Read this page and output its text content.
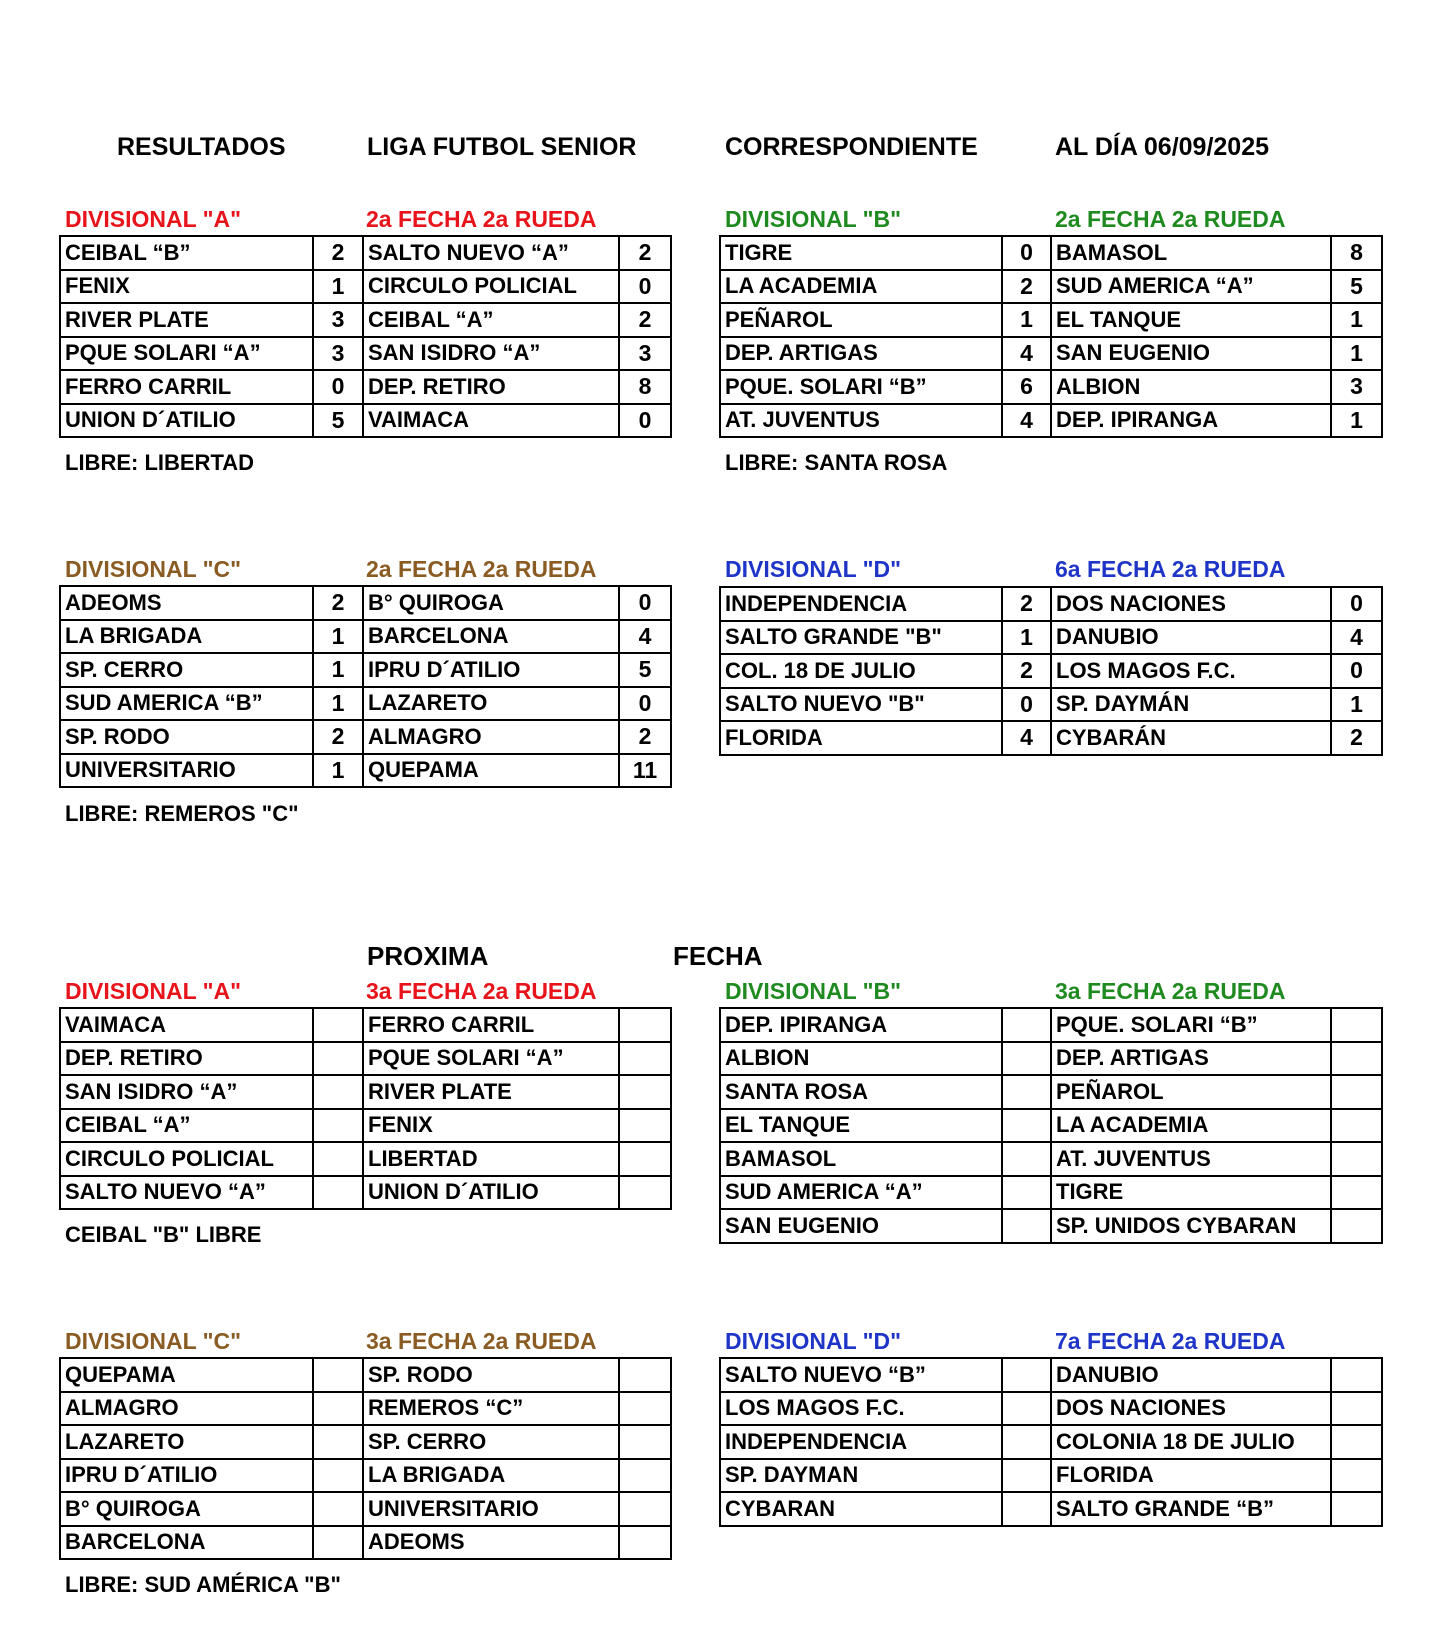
RESULTADOS	LIGA FUTBOL SENIOR	CORRESPONDIENTE	AL DÍA 06/09/2025
DIVISIONAL "A"	2a FECHA 2a RUEDA
CEIBAL “B”	2	SALTO NUEVO “A”	2
FENIX	1	CIRCULO POLICIAL	0
RIVER PLATE	3	CEIBAL “A”	2
PQUE SOLARI “A”	3	SAN ISIDRO “A”	3
FERRO CARRIL	0	DEP. RETIRO	8
UNION D´ATILIO	5	VAIMACA	0
LIBRE: LIBERTAD
DIVISIONAL "B"	2a FECHA 2a RUEDA
TIGRE	0	BAMASOL	8
LA ACADEMIA	2	SUD AMERICA “A”	5
PEÑAROL	1	EL TANQUE	1
DEP. ARTIGAS	4	SAN EUGENIO	1
PQUE. SOLARI “B”	6	ALBION	3
AT. JUVENTUS	4	DEP. IPIRANGA	1
LIBRE: SANTA ROSA
DIVISIONAL "C"	2a FECHA 2a RUEDA
ADEOMS	2	B° QUIROGA	0
LA BRIGADA	1	BARCELONA	4
SP. CERRO	1	IPRU D´ATILIO	5
SUD AMERICA “B”	1	LAZARETO	0
SP. RODO	2	ALMAGRO	2
UNIVERSITARIO	1	QUEPAMA	11
LIBRE: REMEROS "C"
DIVISIONAL "D"	6a FECHA 2a RUEDA
INDEPENDENCIA	2	DOS NACIONES	0
SALTO GRANDE "B"	1	DANUBIO	4
COL. 18 DE JULIO	2	LOS MAGOS F.C.	0
SALTO NUEVO "B"	0	SP. DAYMÁN	1
FLORIDA	4	CYBARÁN	2
PROXIMA	FECHA
DIVISIONAL "A"	3a FECHA 2a RUEDA
VAIMACA		FERRO CARRIL	
DEP. RETIRO		PQUE SOLARI “A”	
SAN ISIDRO “A”		RIVER PLATE	
CEIBAL “A”		FENIX	
CIRCULO POLICIAL		LIBERTAD	
SALTO NUEVO “A”		UNION D´ATILIO	
CEIBAL "B" LIBRE
DIVISIONAL "B"	3a FECHA 2a RUEDA
DEP. IPIRANGA		PQUE. SOLARI “B”	
ALBION		DEP. ARTIGAS	
SANTA ROSA		PEÑAROL	
EL TANQUE		LA ACADEMIA	
BAMASOL		AT. JUVENTUS	
SUD AMERICA “A”		TIGRE	
SAN EUGENIO		SP. UNIDOS CYBARAN	
DIVISIONAL "C"	3a FECHA 2a RUEDA
QUEPAMA		SP. RODO	
ALMAGRO		REMEROS “C”	
LAZARETO		SP. CERRO	
IPRU D´ATILIO		LA BRIGADA	
B° QUIROGA		UNIVERSITARIO	
BARCELONA		ADEOMS	
LIBRE: SUD AMÉRICA "B"
DIVISIONAL "D"	7a FECHA 2a RUEDA
SALTO NUEVO “B”		DANUBIO	
LOS MAGOS F.C.		DOS NACIONES	
INDEPENDENCIA		COLONIA 18 DE JULIO	
SP. DAYMAN		FLORIDA	
CYBARAN		SALTO GRANDE “B”	
